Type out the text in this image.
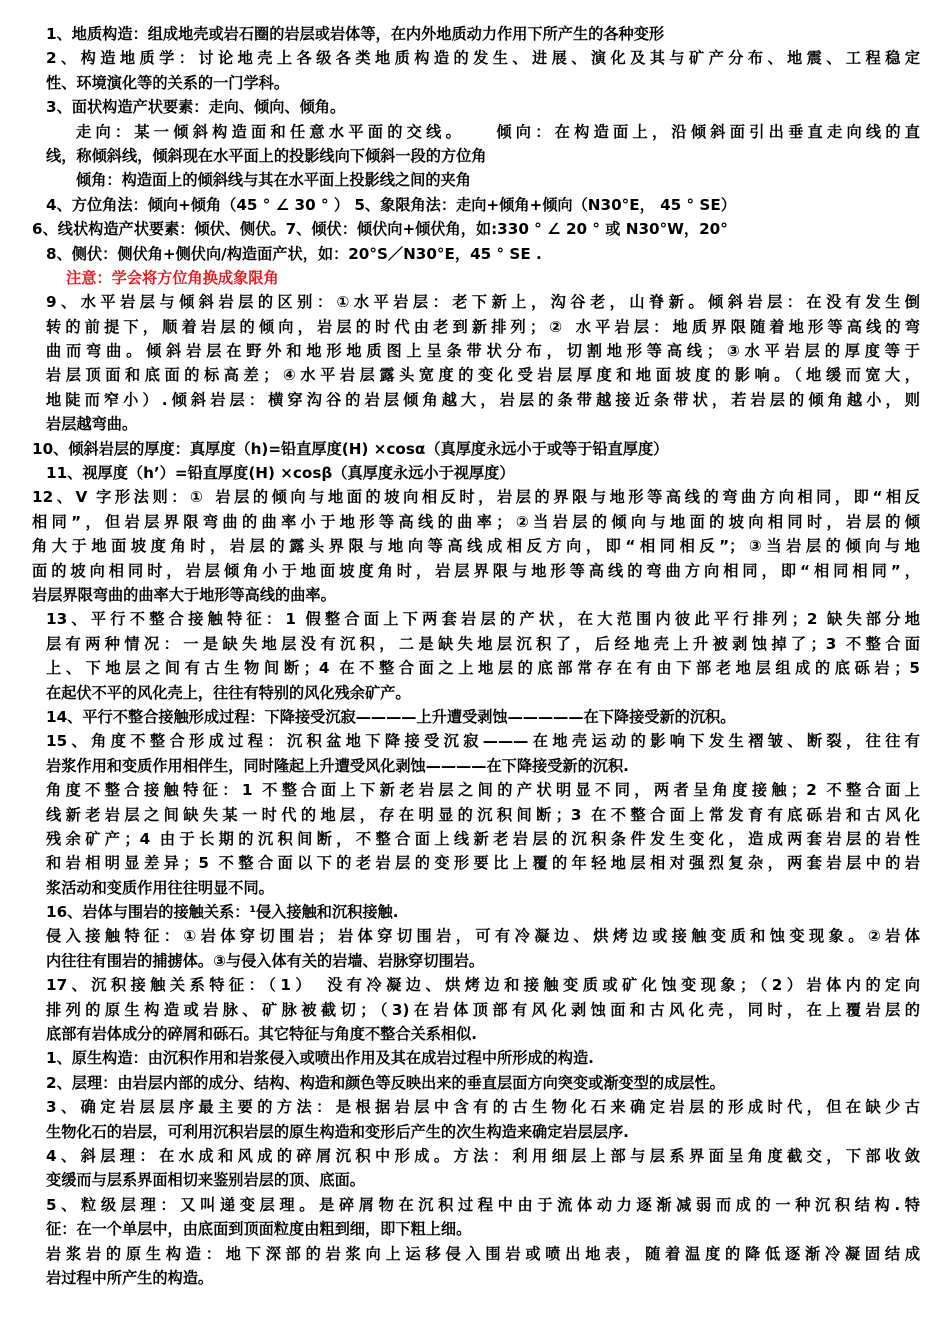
1、地质构造：组成地壳或岩石圈的岩层或岩体等，在内外地质动力作用下所产生的各种变形
2、构造地质学：讨论地壳上各级各类地质构造的发生、进展、演化及其与矿产分布、地震、工程稳定
性、环境演化等的关系的一门学科。
3、面状构造产状要素：走向、倾向、倾角。
走向：某一倾斜构造面和任意水平面的交线。　　倾向：在构造面上，沿倾斜面引出垂直走向线的直
线，称倾斜线，倾斜现在水平面上的投影线向下倾斜一段的方位角
倾角：构造面上的倾斜线与其在水平面上投影线之间的夹角
4、方位角法：倾向+倾角（45 ° ∠ 30 ° ） 5、象限角法：走向+倾角+倾向（N30°E， 45 ° SE）
6、线状构造产状要素：倾伏、侧伏。7、倾伏：倾伏向+倾伏角，如:330 ° ∠ 20 ° 或 N30°W，20°
8、侧伏：侧伏角+侧伏向/构造面产状，如：20°S／N30°E，45 ° SE .
注意：学会将方位角换成象限角
9、水平岩层与倾斜岩层的区别：①水平岩层：老下新上，沟谷老，山脊新。倾斜岩层：在没有发生倒
转的前提下，顺着岩层的倾向，岩层的时代由老到新排列；② 水平岩层：地质界限随着地形等高线的弯
曲而弯曲。倾斜岩层在野外和地形地质图上呈条带状分布，切割地形等高线；③水平岩层的厚度等于
岩层顶面和底面的标高差；④水平岩层露头宽度的变化受岩层厚度和地面坡度的影响。（地缓而宽大，
地陡而窄小）.倾斜岩层：横穿沟谷的岩层倾角越大，岩层的条带越接近条带状，若岩层的倾角越小，则
岩层越弯曲。
10、倾斜岩层的厚度：真厚度（h)=铅直厚度(H) ×cosα（真厚度永远小于或等于铅直厚度）
11、视厚度（h’）=铅直厚度(H) ×cosβ（真厚度永远小于视厚度）
12、V 字形法则：① 岩层的倾向与地面的坡向相反时，岩层的界限与地形等高线的弯曲方向相同，即“相反
相同”，但岩层界限弯曲的曲率小于地形等高线的曲率；②当岩层的倾向与地面的坡向相同时，岩层的倾
角大于地面坡度角时，岩层的露头界限与地向等高线成相反方向，即“相同相反”；③当岩层的倾向与地
面的坡向相同时，岩层倾角小于地面坡度角时，岩层界限与地形等高线的弯曲方向相同，即“相同相同”，
岩层界限弯曲的曲率大于地形等高线的曲率。
13、平行不整合接触特征：1 假整合面上下两套岩层的产状，在大范围内彼此平行排列；2 缺失部分地
层有两种情况：一是缺失地层没有沉积，二是缺失地层沉积了，后经地壳上升被剥蚀掉了；3 不整合面
上、下地层之间有古生物间断；4 在不整合面之上地层的底部常存在有由下部老地层组成的底砾岩；5
在起伏不平的风化壳上，往往有特别的风化残余矿产。
14、平行不整合接触形成过程：下降接受沉寂————上升遭受剥蚀—————在下降接受新的沉积。
15、角度不整合形成过程：沉积盆地下降接受沉寂———在地壳运动的影响下发生褶皱、断裂，往往有
岩浆作用和变质作用相伴生，同时隆起上升遭受风化剥蚀————在下降接受新的沉积.
角度不整合接触特征：1 不整合面上下新老岩层之间的产状明显不同，两者呈角度接触；2 不整合面上
线新老岩层之间缺失某一时代的地层，存在明显的沉积间断；3 在不整合面上常发育有底砾岩和古风化
残余矿产；4 由于长期的沉积间断，不整合面上线新老岩层的沉积条件发生变化，造成两套岩层的岩性
和岩相明显差异；5 不整合面以下的老岩层的变形要比上覆的年轻地层相对强烈复杂，两套岩层中的岩
浆活动和变质作用往往明显不同。
16、岩体与围岩的接触关系：¹侵入接触和沉积接触.
侵入接触特征：①岩体穿切围岩；岩体穿切围岩，可有冷凝边、烘烤边或接触变质和蚀变现象。②岩体
内往往有围岩的捕掳体。③与侵入体有关的岩墙、岩脉穿切围岩。
17、沉积接触关系特征：（1）　没有冷凝边、烘烤边和接触变质或矿化蚀变现象；（2）岩体内的定向
排列的原生构造或岩脉、矿脉被截切；（3)在岩体顶部有风化剥蚀面和古风化壳，同时，在上覆岩层的
底部有岩体成分的碎屑和砾石。其它特征与角度不整合关系相似.
1、原生构造：由沉积作用和岩浆侵入或喷出作用及其在成岩过程中所形成的构造.
2、层理：由岩层内部的成分、结构、构造和颜色等反映出来的垂直层面方向突变或渐变型的成层性。
3、确定岩层层序最主要的方法：是根据岩层中含有的古生物化石来确定岩层的形成时代，但在缺少古
生物化石的岩层，可利用沉积岩层的原生构造和变形后产生的次生构造来确定岩层层序.
4、斜层理：在水成和风成的碎屑沉积中形成。方法：利用细层上部与层系界面呈角度截交，下部收敛
变缓而与层系界面相切来鉴别岩层的顶、底面。
5、粒级层理：又叫递变层理。是碎屑物在沉积过程中由于流体动力逐渐减弱而成的一种沉积结构.特
征：在一个单层中，由底面到顶面粒度由粗到细，即下粗上细。
岩浆岩的原生构造：地下深部的岩浆向上运移侵入围岩或喷出地表，随着温度的降低逐渐冷凝固结成
岩过程中所产生的构造。
